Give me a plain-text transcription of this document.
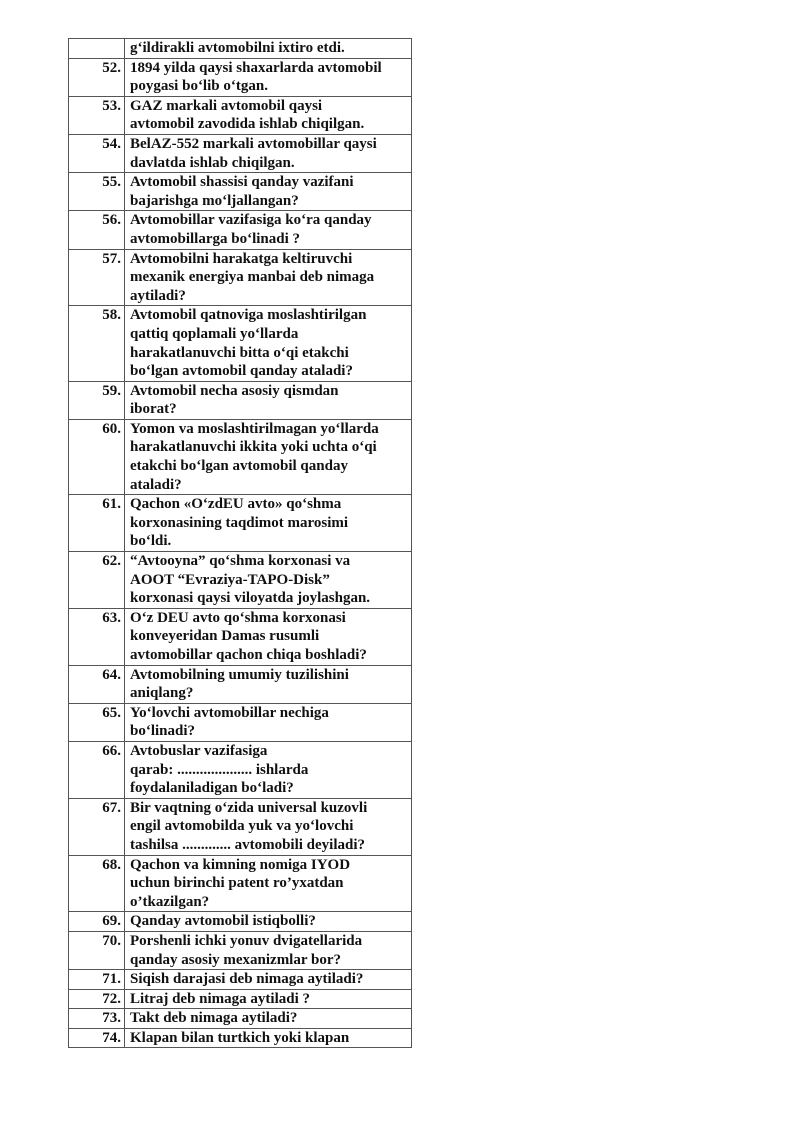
	g‘ildirakli avtomobilni ixtiro etdi.
52.	1894 yilda qaysi shaxarlarda avtomobil
poygasi bo‘lib o‘tgan.
53.	GAZ markali avtomobil qaysi
avtomobil zavodida ishlab chiqilgan.
54.	BelAZ-552 markali avtomobillar qaysi
davlatda ishlab chiqilgan.
55.	Avtomobil shassisi qanday vazifani
bajarishga mo‘ljallangan?
56.	Avtomobillar vazifasiga ko‘ra qanday
avtomobillarga bo‘linadi ?
57.	Avtomobilni harakatga keltiruvchi
mexanik energiya manbai deb nimaga
aytiladi?
58.	Avtomobil qatnoviga moslashtirilgan
qattiq qoplamali yo‘llarda
harakatlanuvchi bitta o‘qi etakchi
bo‘lgan avtomobil qanday ataladi?
59.	Avtomobil necha asosiy qismdan
iborat?
60.	Yomon va moslashtirilmagan yo‘llarda
harakatlanuvchi ikkita yoki uchta o‘qi
etakchi bo‘lgan avtomobil qanday
ataladi?
61.	Qachon «O‘zdEU avto» qo‘shma
korxonasining taqdimot marosimi
bo‘ldi.
62.	“Avtooyna” qo‘shma korxonasi va
AOOT “Evraziya-TAPO-Disk”
korxonasi qaysi viloyatda joylashgan.
63.	O‘z DEU avto qo‘shma korxonasi
konveyeridan Damas rusumli
avtomobillar qachon chiqa boshladi?
64.	Avtomobilning umumiy tuzilishini
aniqlang?
65.	Yo‘lovchi avtomobillar nechiga
bo‘linadi?
66.	Avtobuslar vazifasiga
qarab: .................... ishlarda
foydalaniladigan bo‘ladi?
67.	Bir vaqtning o‘zida universal kuzovli
engil avtomobilda yuk va yo‘lovchi
tashilsa ............. avtomobili deyiladi?
68.	Qachon va kimning nomiga IYOD
uchun birinchi patent ro’yxatdan
o’tkazilgan?
69.	Qanday avtomobil istiqbolli?
70.	Porshenli ichki yonuv dvigatellarida
qanday asosiy mexanizmlar bor?
71.	Siqish darajasi deb nimaga aytiladi?
72.	Litraj deb nimaga aytiladi ?
73.	Takt deb nimaga aytiladi?
74.	Klapan bilan turtkich yoki klapan
